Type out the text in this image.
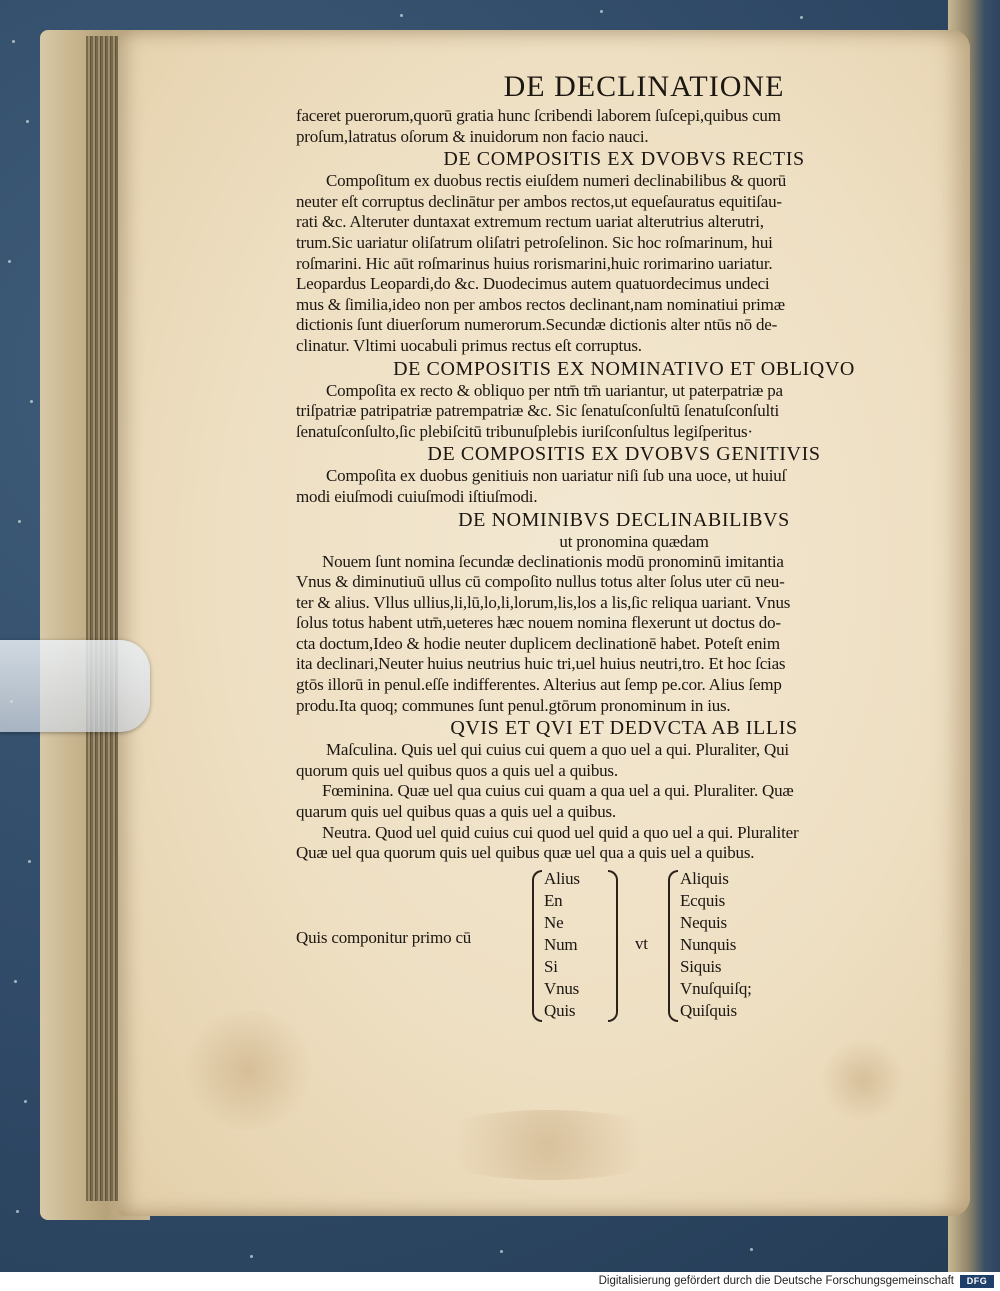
DE DECLINATIONE
faceret puerorum,quorū gratia hunc ſcribendi laborem ſuſcepi,quibus cum
proſum,latratus oſorum & inuidorum non facio nauci.
DE COMPOSITIS EX DVOBVS RECTIS
Compoſitum ex duobus rectis eiuſdem numeri declinabilibus & quorū
neuter eſt corruptus declinātur per ambos rectos,ut equeſauratus equitiſau-
rati &c. Alteruter duntaxat extremum rectum uariat alterutrius alterutri,
trum.Sic uariatur oliſatrum oliſatri petroſelinon. Sic hoc roſmarinum, hui
roſmarini. Hic aūt roſmarinus huius rorismarini,huic rorimarino uariatur.
Leopardus Leopardi,do &c. Duodecimus autem quatuordecimus undeci
mus & ſimilia,ideo non per ambos rectos declinant,nam nominatiui primæ
dictionis ſunt diuerſorum numerorum.Secundæ dictionis alter ntūs nō de-
clinatur. Vltimi uocabuli primus rectus eſt corruptus.
DE COMPOSITIS EX NOMINATIVO ET OBLIQVO
Compoſita ex recto & obliquo per ntm̄ tm̄ uariantur, ut paterpatriæ pa
triſpatriæ patripatriæ patrempatriæ &c. Sic ſenatuſconſultū ſenatuſconſulti
ſenatuſconſulto,ſic plebiſcitū tribunuſplebis iuriſconſultus legiſperitus·
DE COMPOSITIS EX DVOBVS GENITIVIS
Compoſita ex duobus genitiuis non uariatur niſi ſub una uoce, ut huiuſ
modi eiuſmodi cuiuſmodi iſtiuſmodi.
DE NOMINIBVS DECLINABILIBVS
ut pronomina quædam
Nouem ſunt nomina ſecundæ declinationis modū pronominū imitantia
Vnus & diminutiuū ullus cū compoſito nullus totus alter ſolus uter cū neu-
ter & alius. Vllus ullius,li,lū,lo,li,lorum,lis,los a lis,ſic reliqua uariant. Vnus
ſolus totus habent utm̄,ueteres hæc nouem nomina flexerunt ut doctus do-
cta doctum,Ideo & hodie neuter duplicem declinationē habet. Poteſt enim
ita declinari,Neuter huius neutrius huic tri,uel huius neutri,tro. Et hoc ſcias
gtōs illorū in penul.eſſe indifferentes. Alterius aut ſemp pe.cor. Alius ſemp
produ.Ita quoq; communes ſunt penul.gtōrum pronominum in ius.
QVIS ET QVI ET DEDVCTA AB ILLIS
Maſculina. Quis uel qui cuius cui quem a quo uel a qui. Pluraliter, Qui
quorum quis uel quibus quos a quis uel a quibus.
Fœminina. Quæ uel qua cuius cui quam a qua uel a qui. Pluraliter. Quæ
quarum quis uel quibus quas a quis uel a quibus.
Neutra. Quod uel quid cuius cui quod uel quid a quo uel a qui. Pluraliter
Quæ uel qua quorum quis uel quibus quæ uel qua a quis uel a quibus.
Quis componitur primo cū
Alius
En
Ne
Num
Si
Vnus
Quis
vt
Aliquis
Ecquis
Nequis
Nunquis
Siquis
Vnuſquiſq;
Quiſquis
Digitalisierung gefördert durch die Deutsche Forschungsgemeinschaft	DFG
